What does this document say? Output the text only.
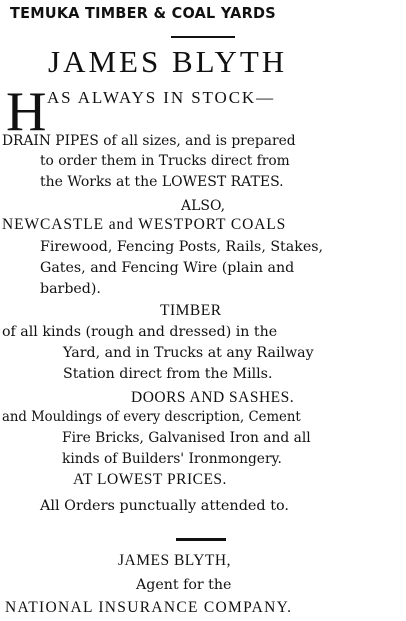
TEMUKA TIMBER & COAL YARDS
JAMES BLYTH
H AS ALWAYS IN STOCK—
DRAIN PIPES of all sizes, and is prepared
to order them in Trucks direct from
the Works at the LOWEST RATES.
ALSO,
NEWCASTLE and WESTPORT COALS
Firewood, Fencing Posts, Rails, Stakes,
Gates, and Fencing Wire (plain and
barbed).
TIMBER
of all kinds (rough and dressed) in the
Yard, and in Trucks at any Railway
Station direct from the Mills.
DOORS AND SASHES.
and Mouldings of every description, Cement
Fire Bricks, Galvanised Iron and all
kinds of Builders' Ironmongery.
AT LOWEST PRICES.
All Orders punctually attended to.
JAMES BLYTH,
Agent for the
NATIONAL INSURANCE COMPANY.
